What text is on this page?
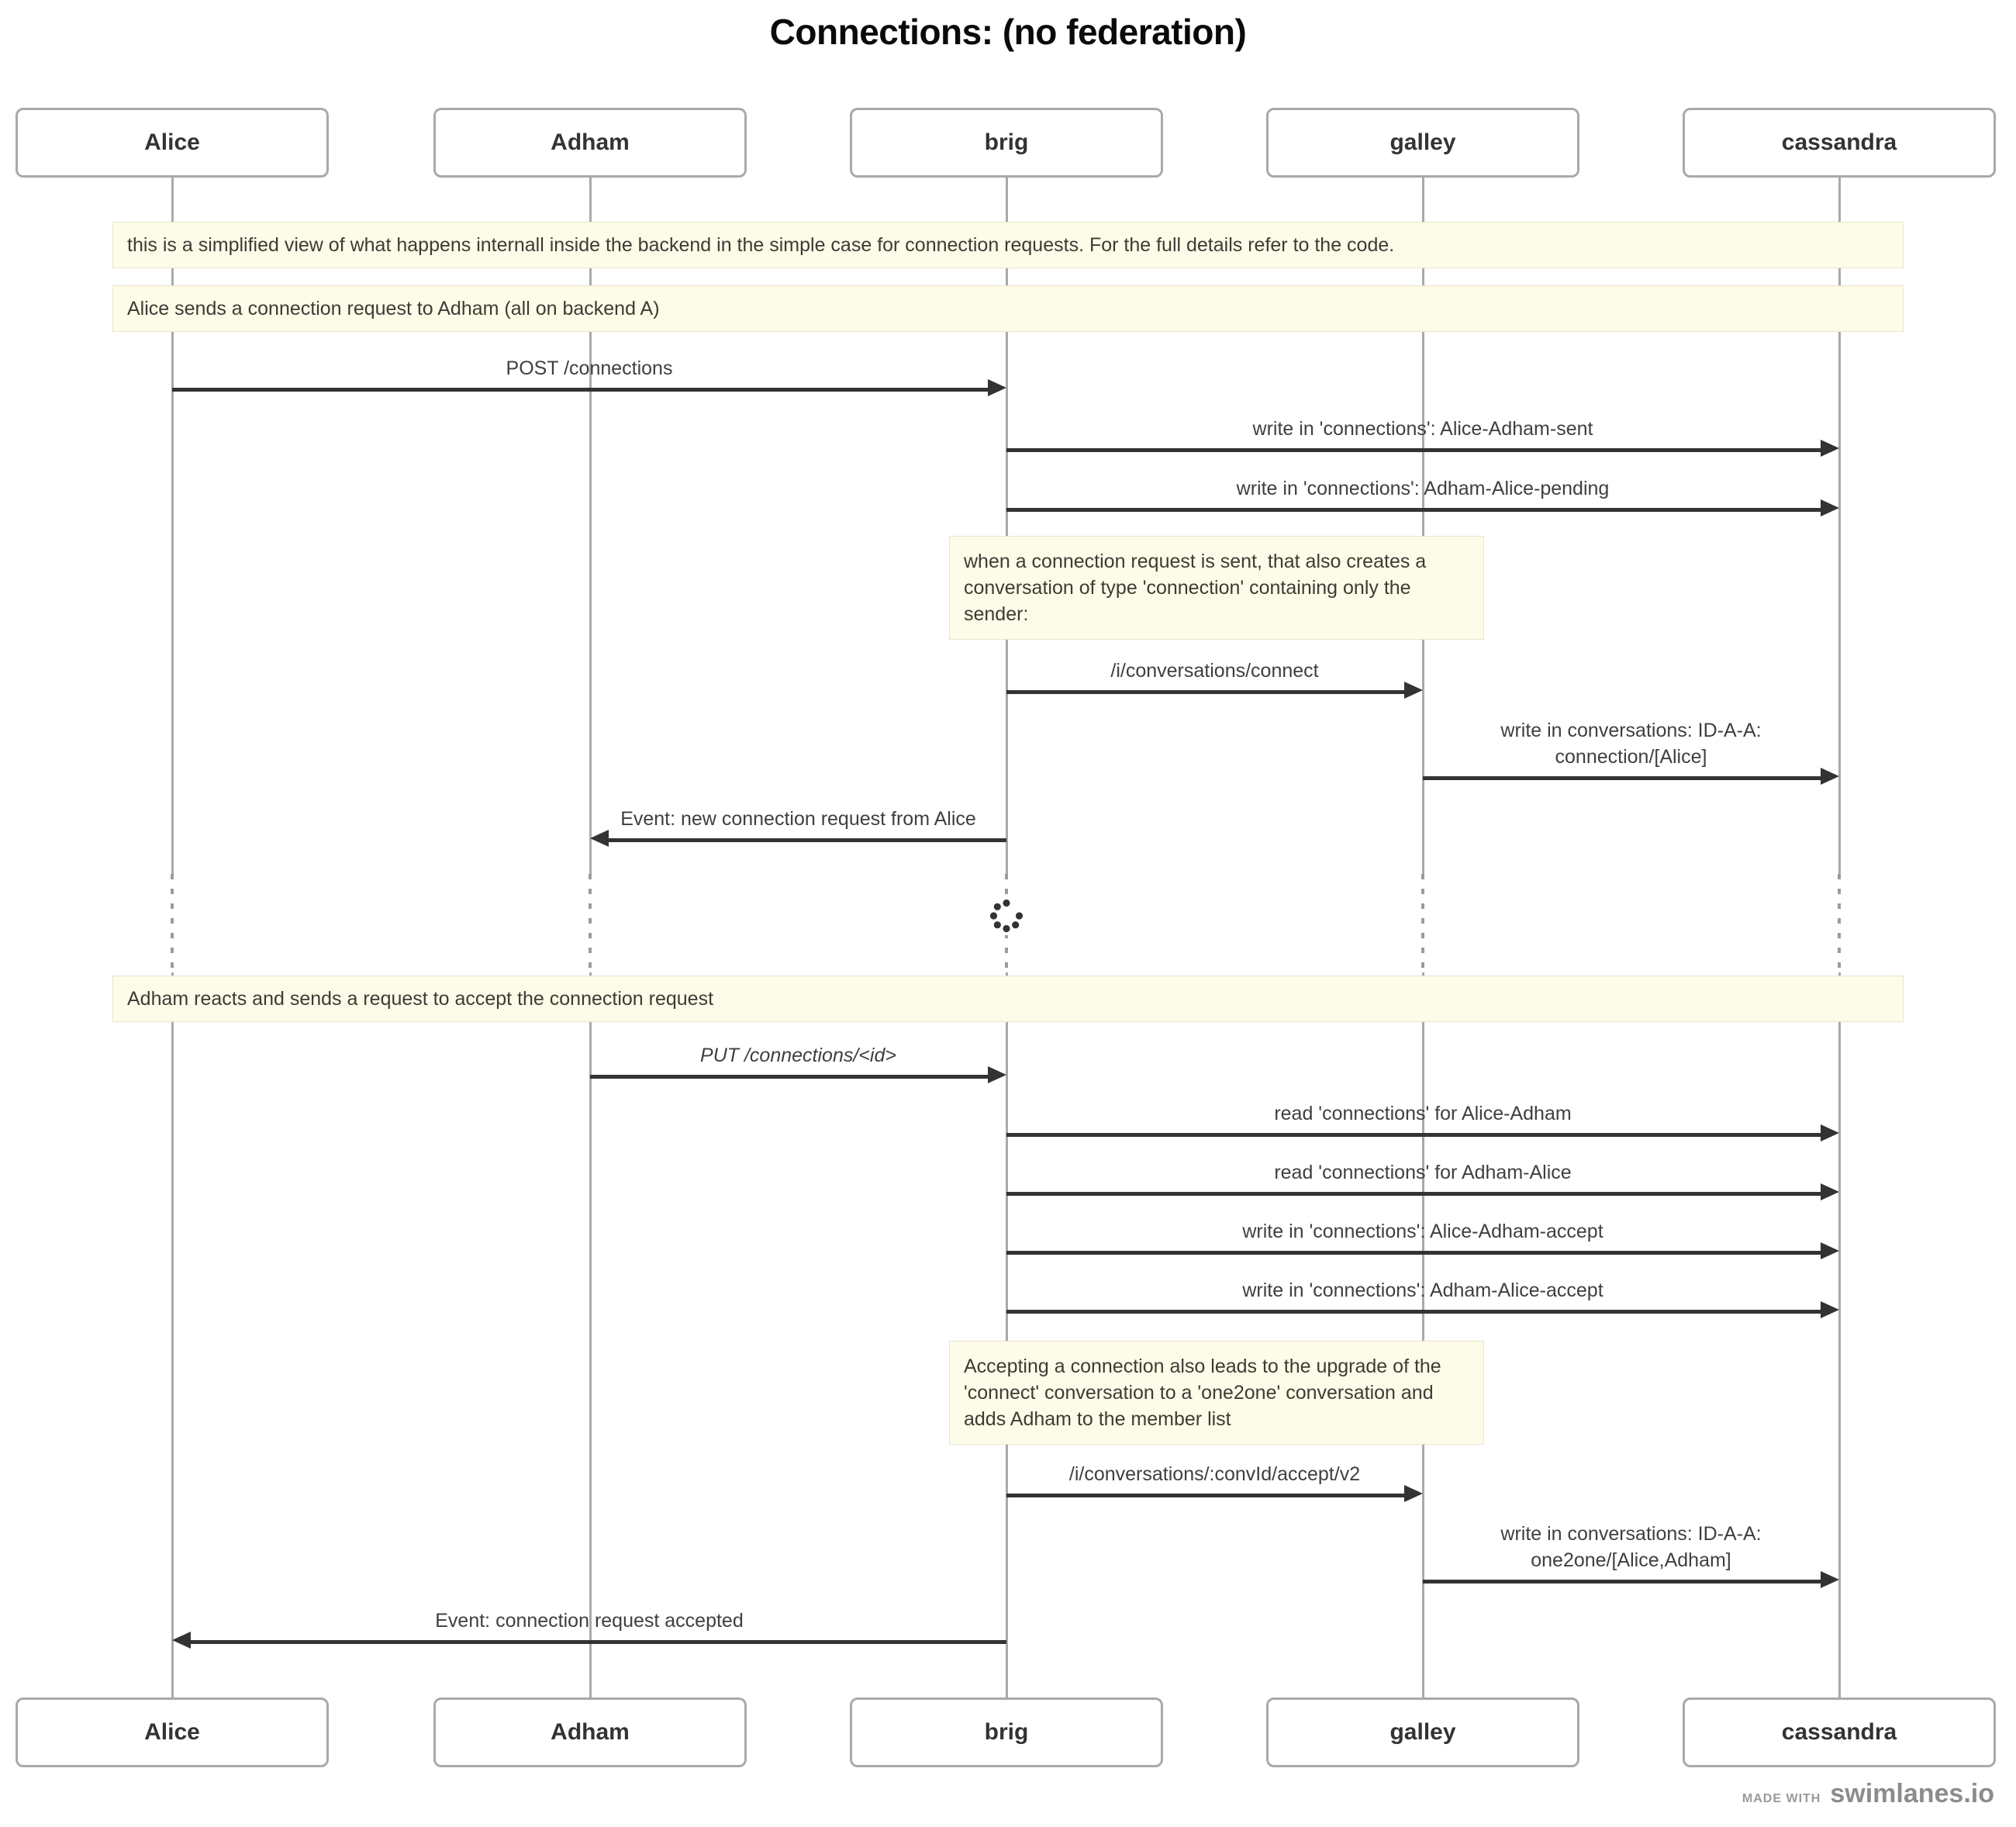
Connections: (no federation)
Alice
Alice
Adham
Adham
brig
brig
galley
galley
cassandra
cassandra
this is a simplified view of what happens internall inside the backend in the simple case for connection requests. For the full details refer to the code.
Alice sends a connection request to Adham (all on backend A)
Adham reacts and sends a request to accept the connection request
when a connection request is sent, that also creates a conversation of type 'connection' containing only the sender:
Accepting a connection also leads to the upgrade of the 'connect' conversation to a 'one2one' conversation and adds Adham to the member list
POST /connections
write in 'connections': Alice-Adham-sent
write in 'connections': Adham-Alice-pending
/i/conversations/connect
write in conversations: ID-A-A:
connection/[Alice]
Event: new connection request from Alice
PUT /connections/<id>
read 'connections' for Alice-Adham
read 'connections' for Adham-Alice
write in 'connections': Alice-Adham-accept
write in 'connections': Adham-Alice-accept
/i/conversations/:convId/accept/v2
write in conversations: ID-A-A:
one2one/[Alice,Adham]
Event: connection request accepted
MADE WITH swimlanes.io
